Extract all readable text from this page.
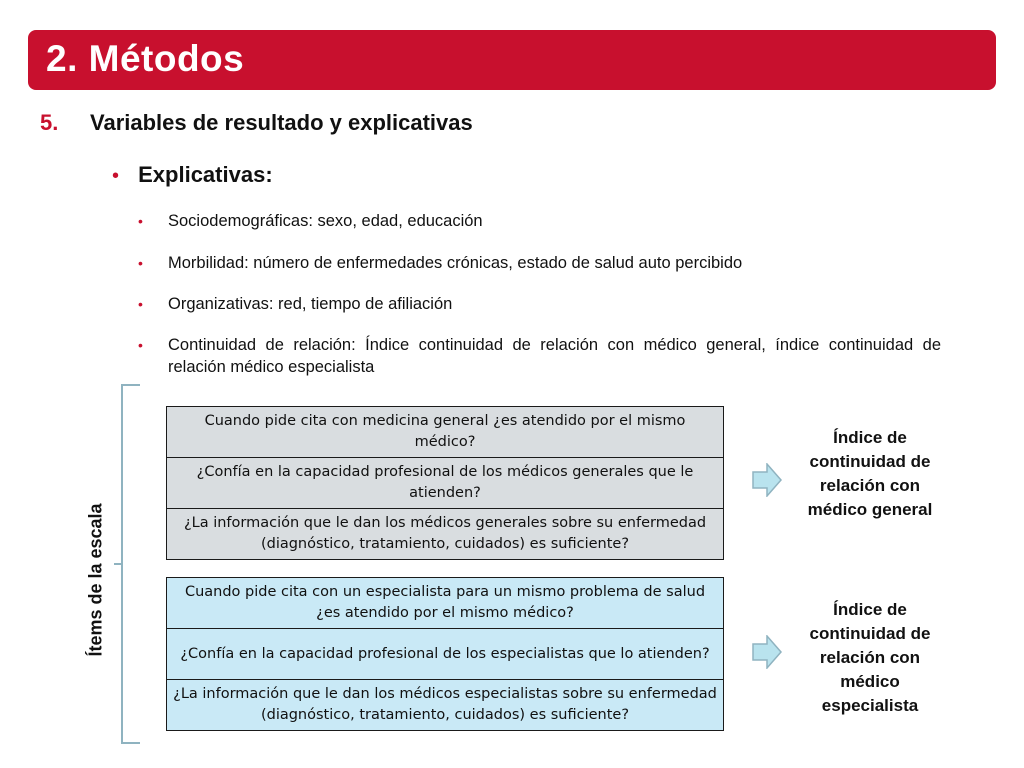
2. Métodos
5. Variables de resultado y explicativas
• Explicativas:
• Sociodemográficas: sexo, edad, educación
• Morbilidad: número de enfermedades crónicas, estado de salud auto percibido
• Organizativas: red, tiempo de afiliación
• Continuidad de relación: Índice continuidad de relación con médico general, índice continuidad de relación médico especialista
Ítems de la escala
Cuando pide cita con medicina general ¿es atendido por el mismo médico?
¿Confía en la capacidad profesional de los médicos generales que le atienden?
¿La información que le dan los médicos generales sobre su enfermedad (diagnóstico, tratamiento, cuidados) es suficiente?
Índice de continuidad de relación con médico general
Cuando pide cita con un especialista para un mismo problema de salud ¿es atendido por el mismo médico?
¿Confía en la capacidad profesional de los especialistas que lo atienden?
¿La información que le dan los médicos especialistas sobre su enfermedad (diagnóstico, tratamiento, cuidados) es suficiente?
Índice de continuidad de relación con médico especialista
